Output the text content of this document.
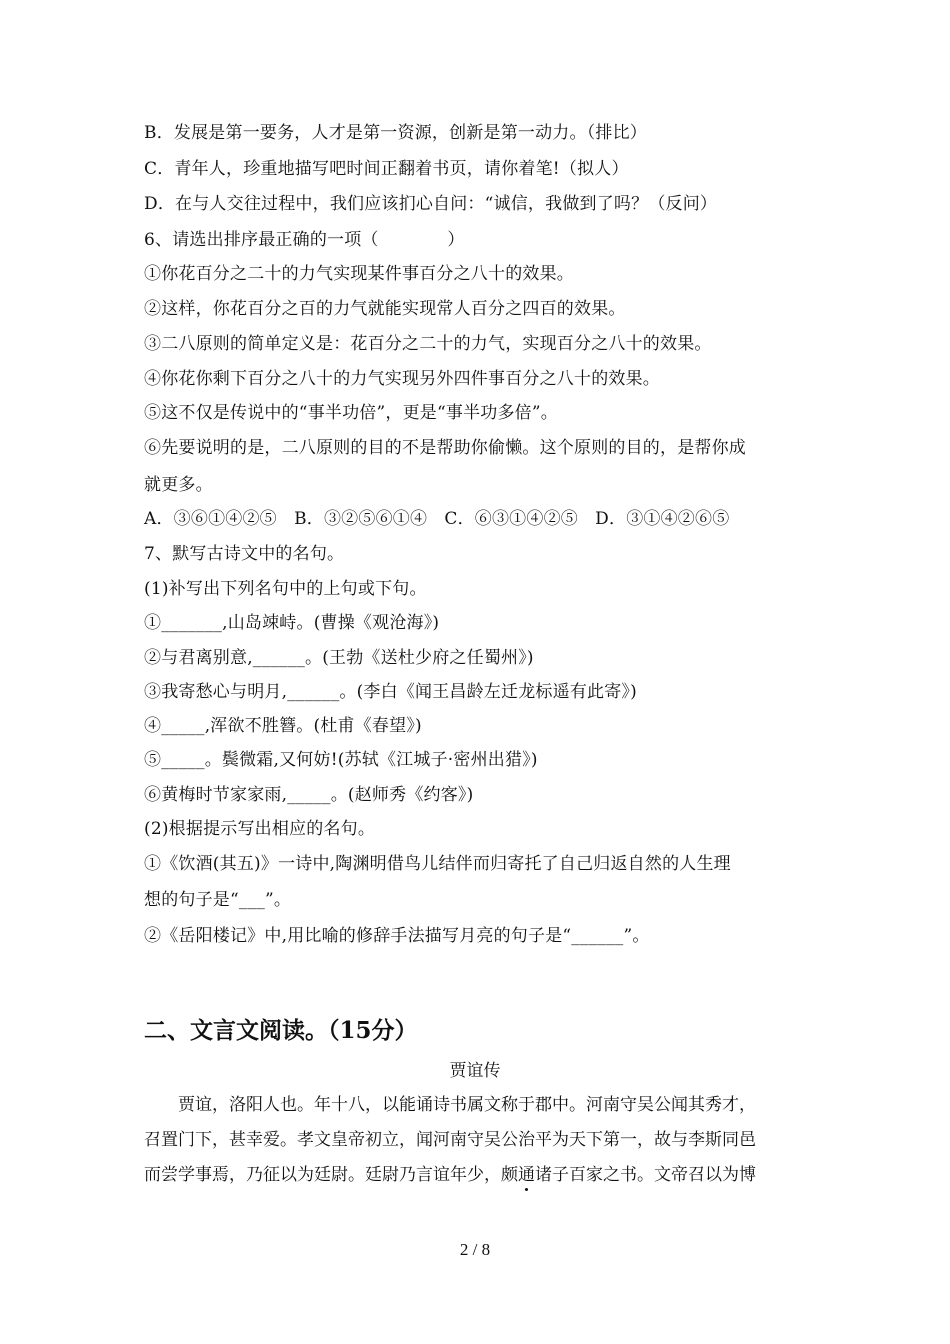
B．发展是第一要务，人才是第一资源，创新是第一动力。（排比）
C．青年人，珍重地描写吧时间正翻着书页，请你着笔!（拟人）
D．在与人交往过程中，我们应该扪心自问：“诚信，我做到了吗？（反问）
6、请选出排序最正确的一项（　　　　）
①你花百分之二十的力气实现某件事百分之八十的效果。
②这样，你花百分之百的力气就能实现常人百分之四百的效果。
③二八原则的简单定义是：花百分之二十的力气，实现百分之八十的效果。
④你花你剩下百分之八十的力气实现另外四件事百分之八十的效果。
⑤这不仅是传说中的“事半功倍”，更是“事半功多倍”。
⑥先要说明的是，二八原则的目的不是帮助你偷懒。这个原则的目的，是帮你成
就更多。
A．③⑥①④②⑤　B．③②⑤⑥①④　C．⑥③①④②⑤　D．③①④②⑥⑤
7、默写古诗文中的名句。
(1)补写出下列名句中的上句或下句。
①_______,山岛竦峙。(曹操《观沧海》)
②与君离别意,______。(王勃《送杜少府之任蜀州》)
③我寄愁心与明月,______。(李白《闻王昌龄左迁龙标遥有此寄》)
④_____,浑欲不胜簪。(杜甫《春望》)
⑤_____。鬓微霜,又何妨!(苏轼《江城子·密州出猎》)
⑥黄梅时节家家雨,_____。(赵师秀《约客》)
(2)根据提示写出相应的名句。
①《饮酒(其五)》一诗中,陶渊明借鸟儿结伴而归寄托了自己归返自然的人生理
想的句子是“___”。
②《岳阳楼记》中,用比喻的修辞手法描写月亮的句子是“______”。
二、文言文阅读。（15分）
贾谊传
　　贾谊，洛阳人也。年十八，以能诵诗书属文称于郡中。河南守吴公闻其秀才，
召置门下，甚幸爱。孝文皇帝初立，闻河南守吴公治平为天下第一，故与李斯同邑
而尝学事焉，乃征以为廷尉。廷尉乃言谊年少，颇通诸子百家之书。文帝召以为博
2 / 8
